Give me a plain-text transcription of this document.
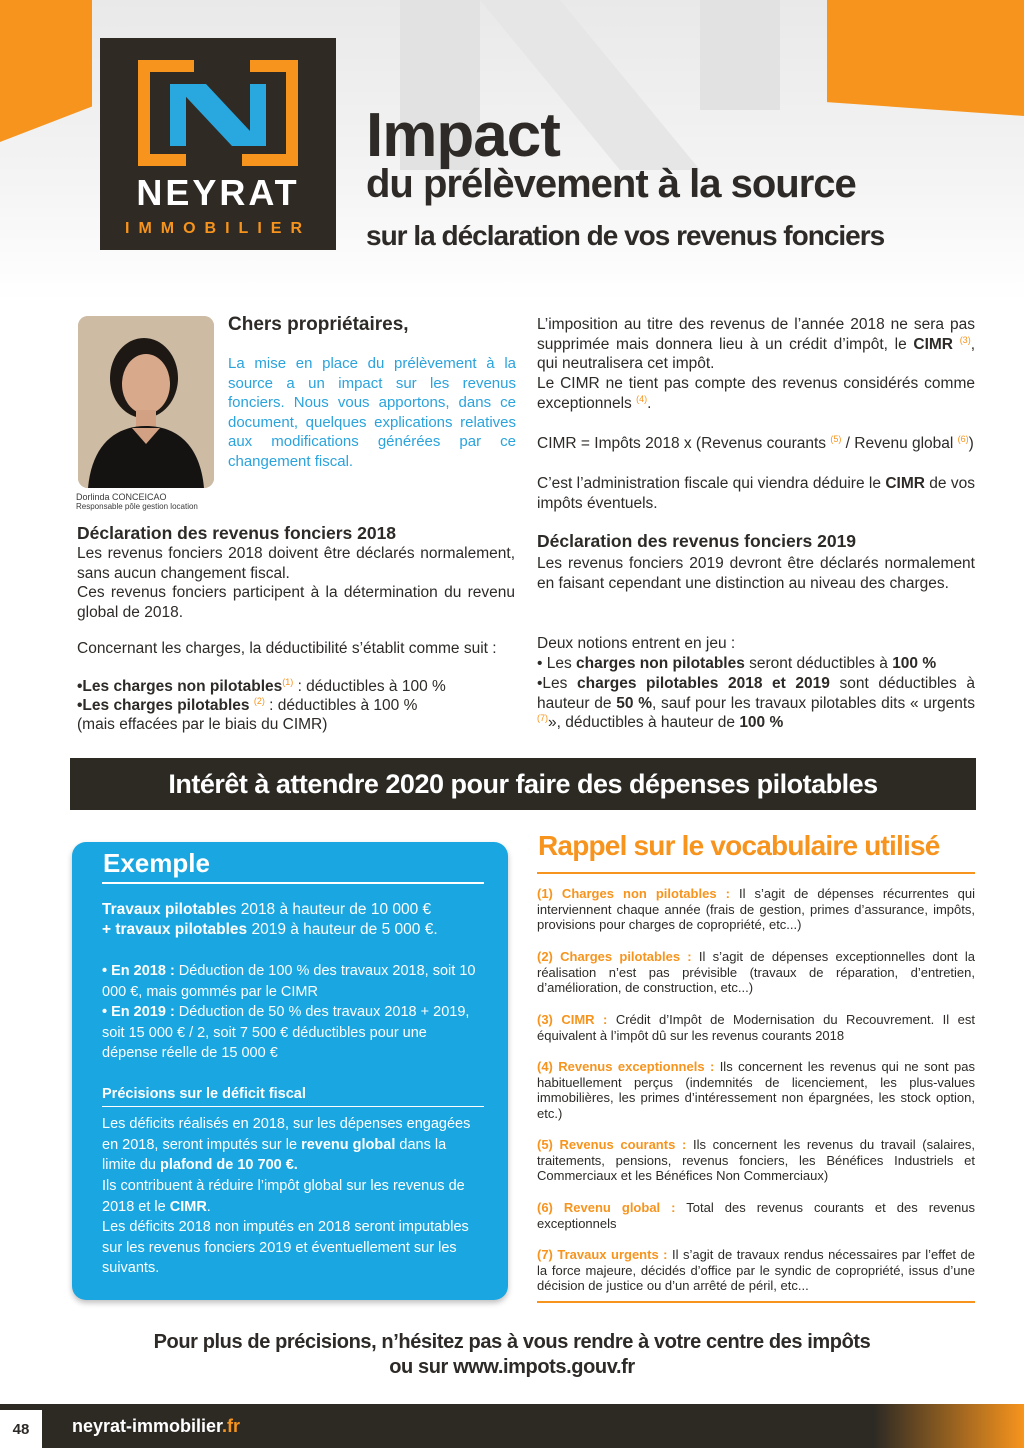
NEYRAT
IMMOBILIER
Impact
du prélèvement à la source
sur la déclaration de vos revenus fonciers
Dorlinda CONCEICAO
Responsable pôle gestion location
Chers propriétaires,
La mise en place du prélèvement à la source a un impact sur les revenus fonciers. Nous vous apportons, dans ce document, quelques explications relatives aux modifications générées par ce changement fiscal.
Déclaration des revenus fonciers 2018
Les revenus fonciers 2018 doivent être déclarés normalement, sans aucun changement fiscal.
Ces revenus fonciers participent à la détermination du revenu global de 2018.
Concernant les charges, la déductibilité s’établit comme suit :
•Les charges non pilotables$^{(1)}$ : déductibles à 100 %
•Les charges pilotables $^{(2)}$ : déductibles à 100 %
(mais effacées par le biais du CIMR)
L’imposition au titre des revenus de l’année 2018 ne sera pas supprimée mais donnera lieu à un crédit d’impôt, le CIMR $^{(3)}$, qui neutralisera cet impôt.
Le CIMR ne tient pas compte des revenus considérés comme exceptionnels $^{(4)}$.
CIMR = Impôts 2018 x (Revenus courants $^{(5)}$ / Revenu global $^{(6)}$)
C’est l’administration fiscale qui viendra déduire le CIMR de vos impôts éventuels.
Déclaration des revenus fonciers 2019
Les revenus fonciers 2019 devront être déclarés normalement en faisant cependant une distinction au niveau des charges.
Deux notions entrent en jeu :
• Les charges non pilotables seront déductibles à 100 %
•Les charges pilotables 2018 et 2019 sont déductibles à hauteur de 50 %, sauf pour les travaux pilotables dits « urgents $^{(7)}$», déductibles à hauteur de 100 %
Intérêt à attendre 2020 pour faire des dépenses pilotables
Exemple
Travaux pilotables 2018 à hauteur de 10 000 €
+ travaux pilotables 2019 à hauteur de 5 000 €.
• En 2018 : Déduction de 100 % des travaux 2018, soit 10 000 €, mais gommés par le CIMR
• En 2019 : Déduction de 50 % des travaux 2018 + 2019, soit 15 000 € / 2, soit 7 500 € déductibles pour une dépense réelle de 15 000 €
Précisions sur le déficit fiscal
Les déficits réalisés en 2018, sur les dépenses engagées en 2018, seront imputés sur le revenu global dans la limite du plafond de 10 700 €.
Ils contribuent à réduire l’impôt global sur les revenus de 2018 et le CIMR.
Les déficits 2018 non imputés en 2018 seront imputables sur les revenus fonciers 2019 et éventuellement sur les suivants.
Rappel sur le vocabulaire utilisé
(1) Charges non pilotables : Il s’agit de dépenses récurrentes qui interviennent chaque année (frais de gestion, primes d’assurance, impôts, provisions pour charges de copropriété, etc...)
(2) Charges pilotables : Il s’agit de dépenses exceptionnelles dont la réalisation n’est pas prévisible (travaux de réparation, d’entretien, d’amélioration, de construction, etc...)
(3) CIMR : Crédit d’Impôt de Modernisation du Recouvrement. Il est équivalent à l’impôt dû sur les revenus courants 2018
(4) Revenus exceptionnels : Ils concernent les revenus qui ne sont pas habituellement perçus (indemnités de licenciement, les plus-values immobilières, les primes d’intéressement non épargnées, les stock option, etc.)
(5) Revenus courants : Ils concernent les revenus du travail (salaires, traitements, pensions, revenus fonciers, les Bénéfices Industriels et Commerciaux et les Bénéfices Non Commerciaux)
(6) Revenu global : Total des revenus courants et des revenus exceptionnels
(7) Travaux urgents : Il s’agit de travaux rendus nécessaires par l’effet de la force majeure, décidés d’office par le syndic de copropriété, issus d’une décision de justice ou d’un arrêté de péril, etc...
Pour plus de précisions, n’hésitez pas à vous rendre à votre centre des impôts
ou sur www.impots.gouv.fr
48	neyrat-immobilier.fr
